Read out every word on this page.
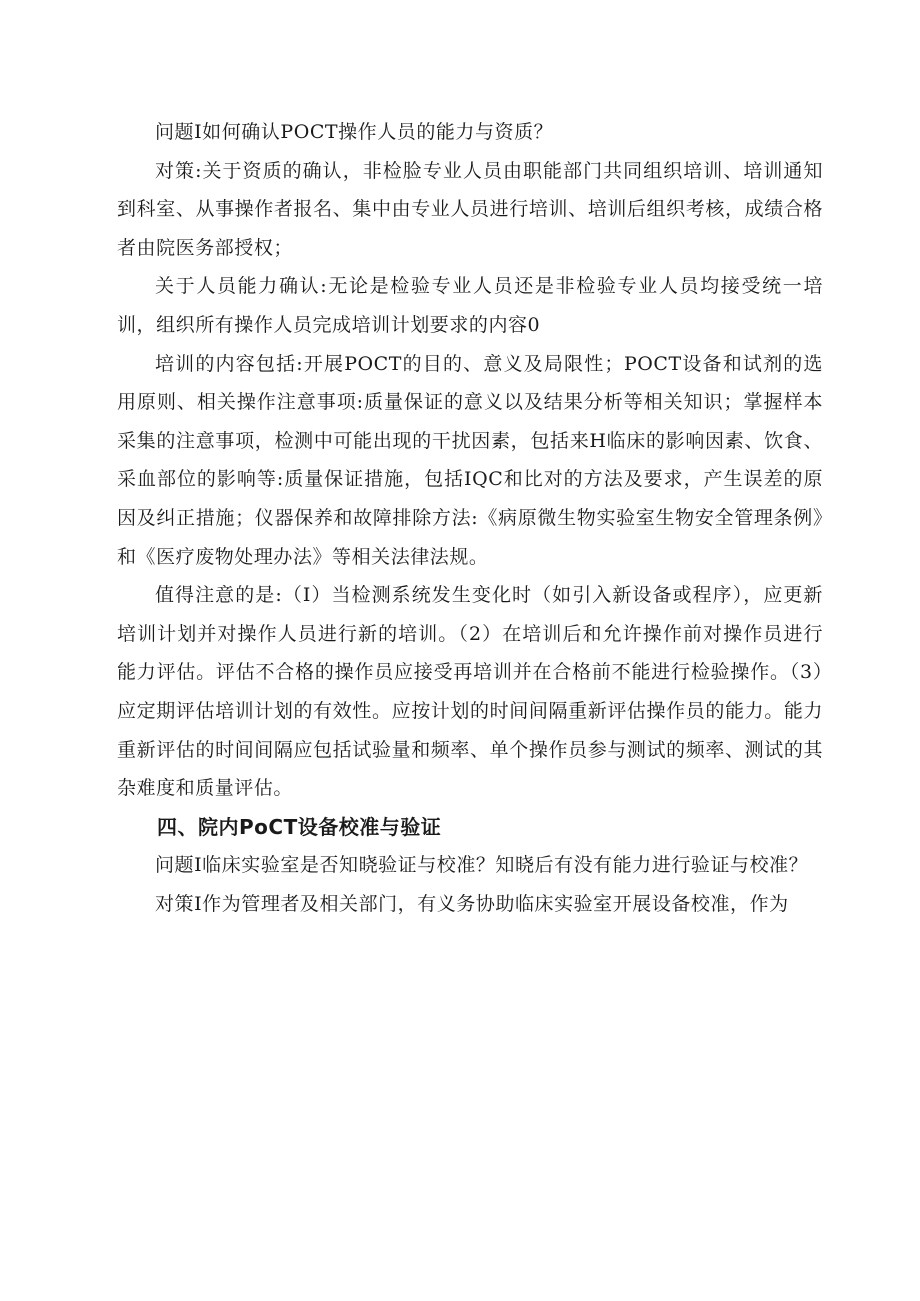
问题I如何确认POCT操作人员的能力与资质？

对策:关于资质的确认，非检脸专业人员由职能部门共同组织培训、培训通知到科室、从事操作者报名、集中由专业人员进行培训、培训后组织考核，成绩合格者由院医务部授权；

关于人员能力确认:无论是检验专业人员还是非检验专业人员均接受统一培训，组织所有操作人员完成培训计划要求的内容0

培训的内容包括:开展POCT的目的、意义及局限性；POCT设备和试剂的选用原则、相关操作注意事项:质量保证的意义以及结果分析等相关知识；掌握样本采集的注意事项，检测中可能出现的干扰因素，包括来H临床的影响因素、饮食、采血部位的影响等:质量保证措施，包括IQC和比对的方法及要求，产生误差的原因及纠正措施；仪器保养和故障排除方法:《病原微生物实验室生物安全管理条例》和《医疗废物处理办法》等相关法律法规。

值得注意的是:（I）当检测系统发生变化时（如引入新设备或程序），应更新培训计划并对操作人员进行新的培训。（2）在培训后和允许操作前对操作员进行能力评估。评估不合格的操作员应接受再培训并在合格前不能进行检验操作。（3）应定期评估培训计划的有效性。应按计划的时间间隔重新评估操作员的能力。能力重新评估的时间间隔应包括试验量和频率、单个操作员参与测试的频率、测试的其杂难度和质量评估。

四、院内PoCT设备校准与验证

问题I临床实验室是否知晓验证与校准？知晓后有没有能力进行验证与校准？

对策I作为管理者及相关部门，有义务协助临床实验室开展设备校准，作为
